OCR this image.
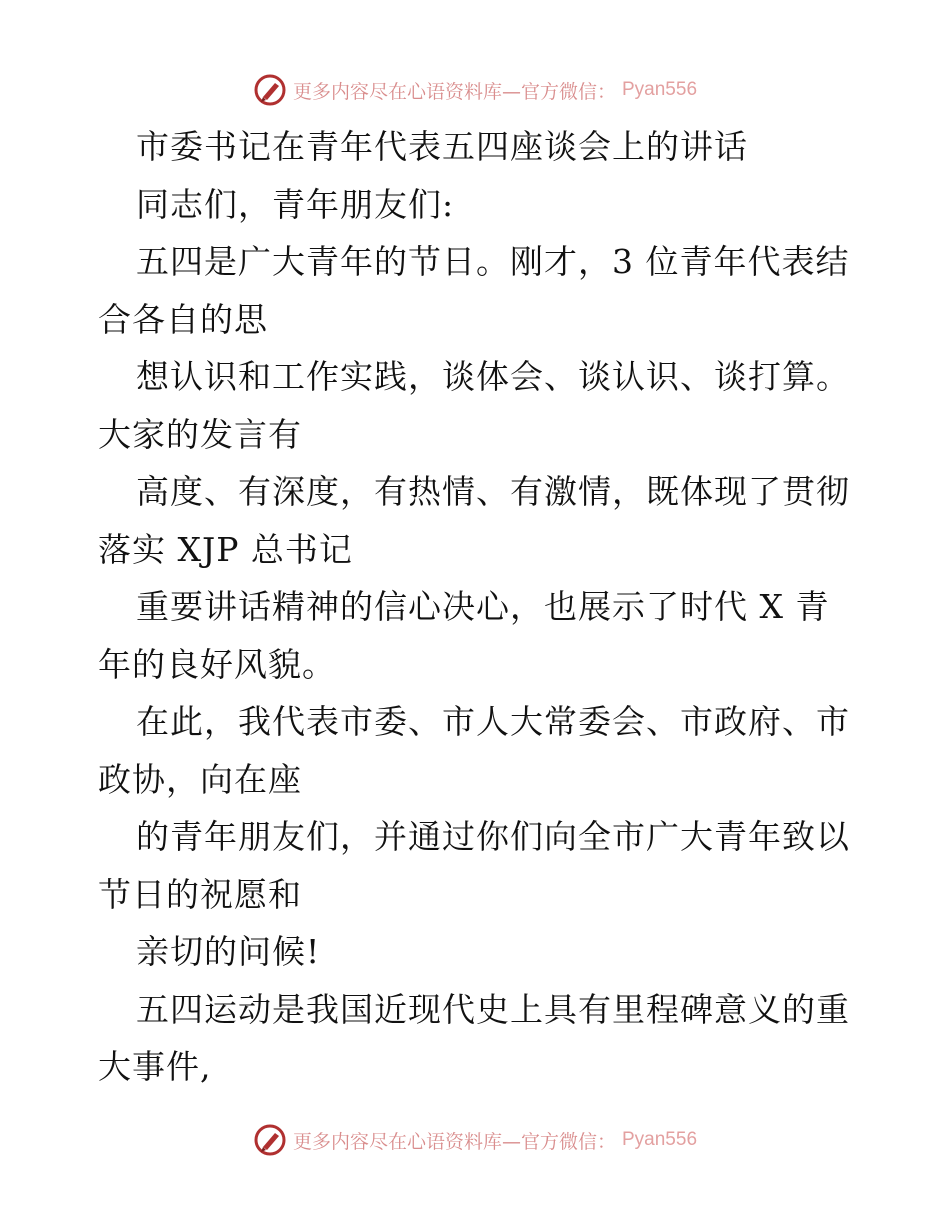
更多内容尽在心语资料库—官方微信： Pyan556
市委书记在青年代表五四座谈会上的讲话
同志们，青年朋友们:
五四是广大青年的节日。刚才，3 位青年代表结
合各自的思
想认识和工作实践，谈体会、谈认识、谈打算。
大家的发言有
高度、有深度，有热情、有激情，既体现了贯彻
落实 XJP 总书记
重要讲话精神的信心决心，也展示了时代 X 青
年的良好风貌。
在此，我代表市委、市人大常委会、市政府、市
政协，向在座
的青年朋友们，并通过你们向全市广大青年致以
节日的祝愿和
亲切的问候!
五四运动是我国近现代史上具有里程碑意义的重
大事件,
更多内容尽在心语资料库—官方微信： Pyan556
